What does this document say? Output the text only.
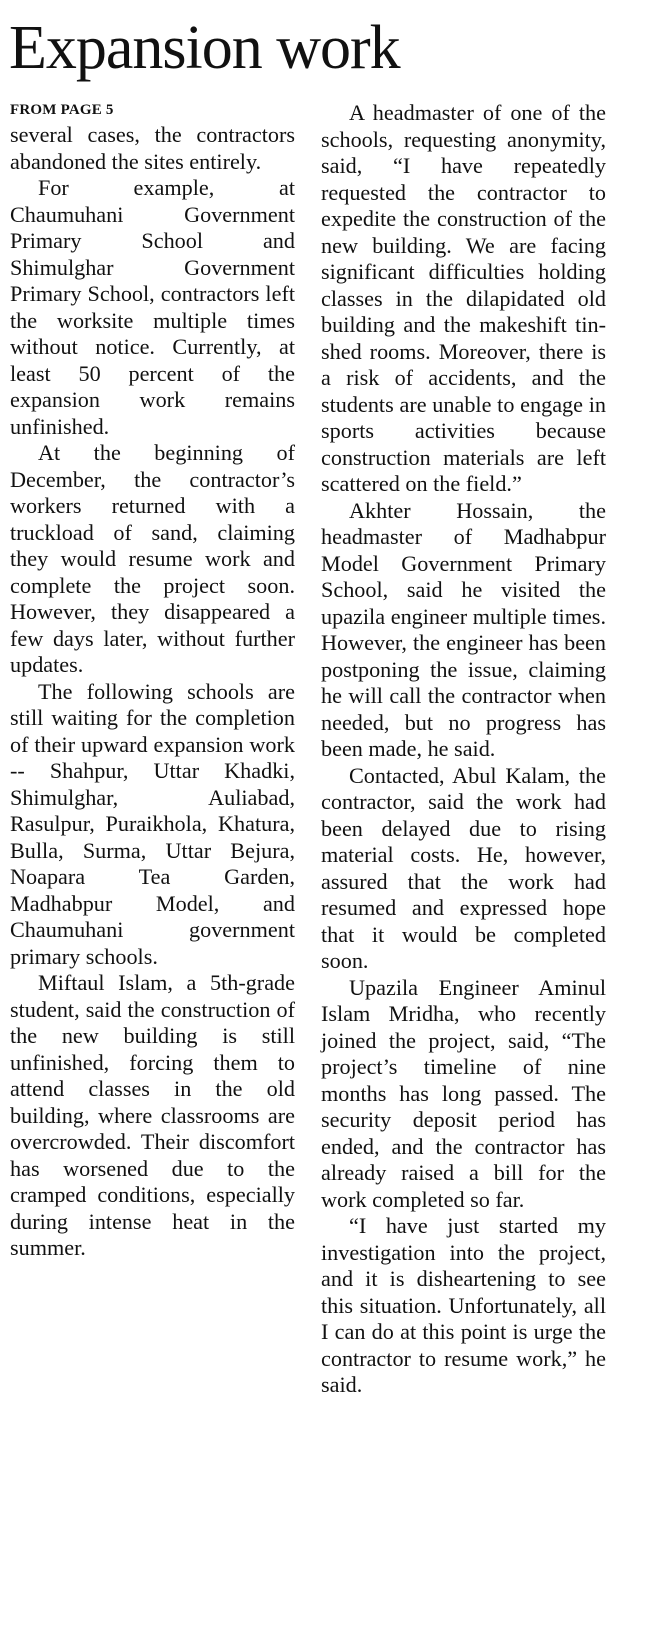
Expansion work
FROM PAGE 5

several cases, the contractors abandoned the sites entirely.

For example, at Chaumuhani Government Primary School and Shimulghar Government Primary School, contractors left the worksite multiple times without notice. Currently, at least 50 percent of the expansion work remains unfinished.

At the beginning of December, the contractor’s workers returned with a truckload of sand, claiming they would resume work and complete the project soon. However, they disappeared a few days later, without further updates.

The following schools are still waiting for the completion of their upward expansion work -- Shahpur, Uttar Khadki, Shimulghar, Auliabad, Rasulpur, Puraikhola, Khatura, Bulla, Surma, Uttar Bejura, Noapara Tea Garden, Madhabpur Model, and Chaumuhani government primary schools.

Miftaul Islam, a 5th-grade student, said the construction of the new building is still unfinished, forcing them to attend classes in the old building, where classrooms are overcrowded. Their discomfort has worsened due to the cramped conditions, especially during intense heat in the summer.

A headmaster of one of the schools, requesting anonymity, said, “I have repeatedly requested the contractor to expedite the construction of the new building. We are facing significant difficulties holding classes in the dilapidated old building and the makeshift tin-shed rooms. Moreover, there is a risk of accidents, and the students are unable to engage in sports activities because construction materials are left scattered on the field.”

Akhter Hossain, the headmaster of Madhabpur Model Government Primary School, said he visited the upazila engineer multiple times. However, the engineer has been postponing the issue, claiming he will call the contractor when needed, but no progress has been made, he said.

Contacted, Abul Kalam, the contractor, said the work had been delayed due to rising material costs. He, however, assured that the work had resumed and expressed hope that it would be completed soon.

Upazila Engineer Aminul Islam Mridha, who recently joined the project, said, “The project’s timeline of nine months has long passed. The security deposit period has ended, and the contractor has already raised a bill for the work completed so far.

“I have just started my investigation into the project, and it is disheartening to see this situation. Unfortunately, all I can do at this point is urge the contractor to resume work,” he said.
